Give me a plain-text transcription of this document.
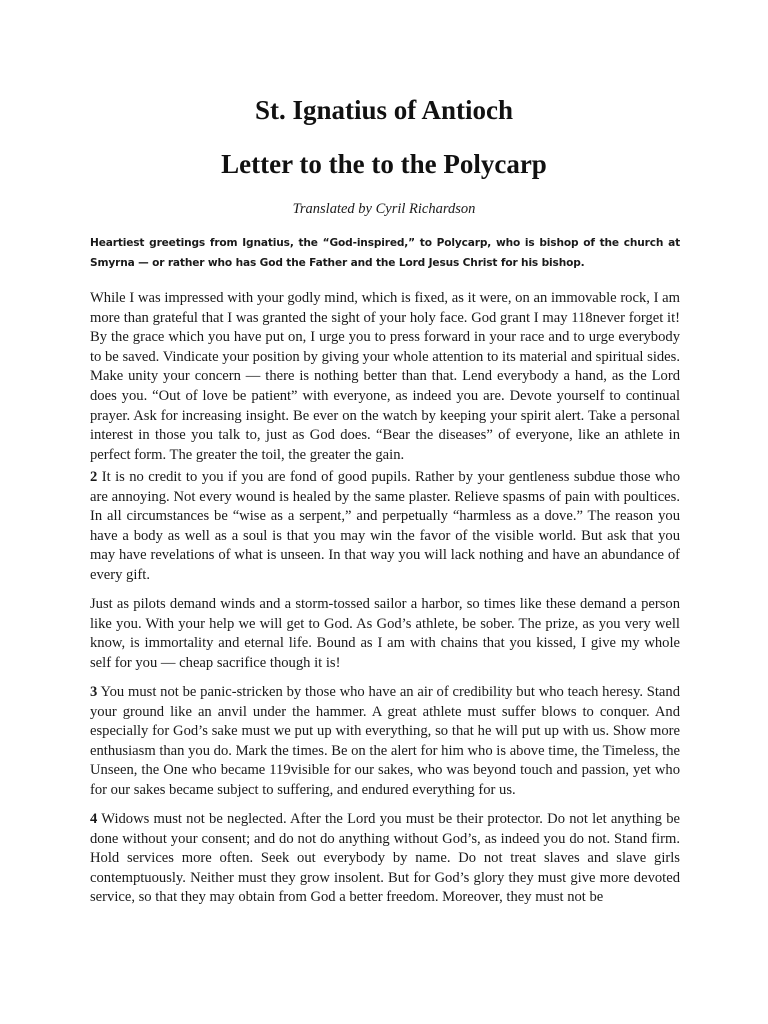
St. Ignatius of Antioch
Letter to the to the Polycarp

Translated by Cyril Richardson

Heartiest greetings from Ignatius, the “God-inspired,” to Polycarp, who is bishop of the church at Smyrna — or rather who has God the Father and the Lord Jesus Christ for his bishop.

While I was impressed with your godly mind, which is fixed, as it were, on an immovable rock, I am more than grateful that I was granted the sight of your holy face. God grant I may 118never forget it! By the grace which you have put on, I urge you to press forward in your race and to urge everybody to be saved. Vindicate your position by giving your whole attention to its material and spiritual sides. Make unity your concern — there is nothing better than that. Lend everybody a hand, as the Lord does you. “Out of love be patient” with everyone, as indeed you are. Devote yourself to continual prayer. Ask for increasing insight. Be ever on the watch by keeping your spirit alert. Take a personal interest in those you talk to, just as God does. “Bear the diseases” of everyone, like an athlete in perfect form. The greater the toil, the greater the gain.

2 It is no credit to you if you are fond of good pupils. Rather by your gentleness subdue those who are annoying. Not every wound is healed by the same plaster. Relieve spasms of pain with poultices. In all circumstances be “wise as a serpent,” and perpetually “harmless as a dove.” The reason you have a body as well as a soul is that you may win the favor of the visible world. But ask that you may have revelations of what is unseen. In that way you will lack nothing and have an abundance of every gift.

Just as pilots demand winds and a storm-tossed sailor a harbor, so times like these demand a person like you. With your help we will get to God. As God’s athlete, be sober. The prize, as you very well know, is immortality and eternal life. Bound as I am with chains that you kissed, I give my whole self for you — cheap sacrifice though it is!

3 You must not be panic-stricken by those who have an air of credibility but who teach heresy. Stand your ground like an anvil under the hammer. A great athlete must suffer blows to conquer. And especially for God’s sake must we put up with everything, so that he will put up with us. Show more enthusiasm than you do. Mark the times. Be on the alert for him who is above time, the Timeless, the Unseen, the One who became 119visible for our sakes, who was beyond touch and passion, yet who for our sakes became subject to suffering, and endured everything for us.

4 Widows must not be neglected. After the Lord you must be their protector. Do not let anything be done without your consent; and do not do anything without God’s, as indeed you do not. Stand firm. Hold services more often. Seek out everybody by name. Do not treat slaves and slave girls contemptuously. Neither must they grow insolent. But for God’s glory they must give more devoted service, so that they may obtain from God a better freedom. Moreover, they must not be
